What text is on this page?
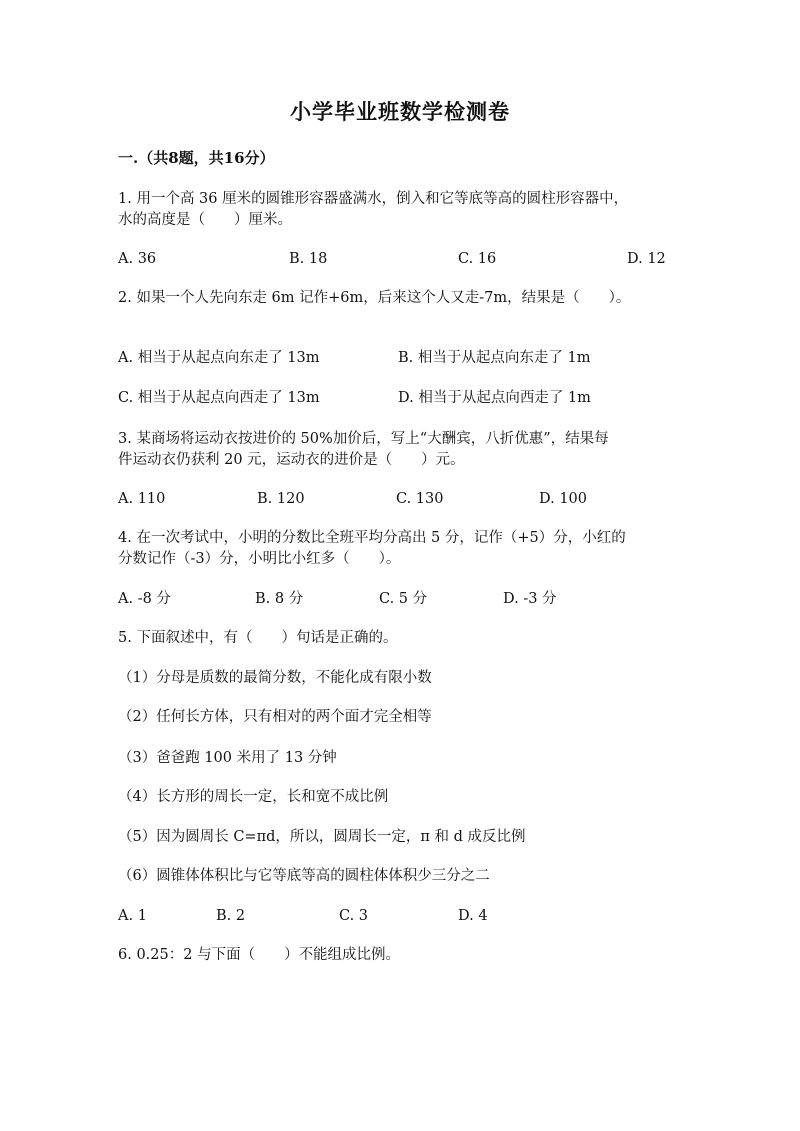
小学毕业班数学检测卷
一.（共8题，共16分）
1. 用一个高 36 厘米的圆锥形容器盛满水，倒入和它等底等高的圆柱形容器中，
水的高度是（　　）厘米。
A. 36	B. 18	C. 16	D. 12
2. 如果一个人先向东走 6m 记作+6m，后来这个人又走-7m，结果是（　　）。
A. 相当于从起点向东走了 13m	B. 相当于从起点向东走了 1m
C. 相当于从起点向西走了 13m	D. 相当于从起点向西走了 1m
3. 某商场将运动衣按进价的 50%加价后，写上“大酬宾，八折优惠”，结果每
件运动衣仍获利 20 元，运动衣的进价是（　　）元。
A. 110	B. 120	C. 130	D. 100
4. 在一次考试中，小明的分数比全班平均分高出 5 分，记作（+5）分，小红的
分数记作（-3）分，小明比小红多（　　）。
A. -8 分	B. 8 分	C. 5 分	D. -3 分
5. 下面叙述中，有（　　）句话是正确的。
（1）分母是质数的最简分数，不能化成有限小数
（2）任何长方体，只有相对的两个面才完全相等
（3）爸爸跑 100 米用了 13 分钟
（4）长方形的周长一定，长和宽不成比例
（5）因为圆周长 C=πd，所以，圆周长一定，π 和 d 成反比例
（6）圆锥体体积比与它等底等高的圆柱体体积少三分之二
A. 1	B. 2	C. 3	D. 4
6. 0.25：2 与下面（　　）不能组成比例。
